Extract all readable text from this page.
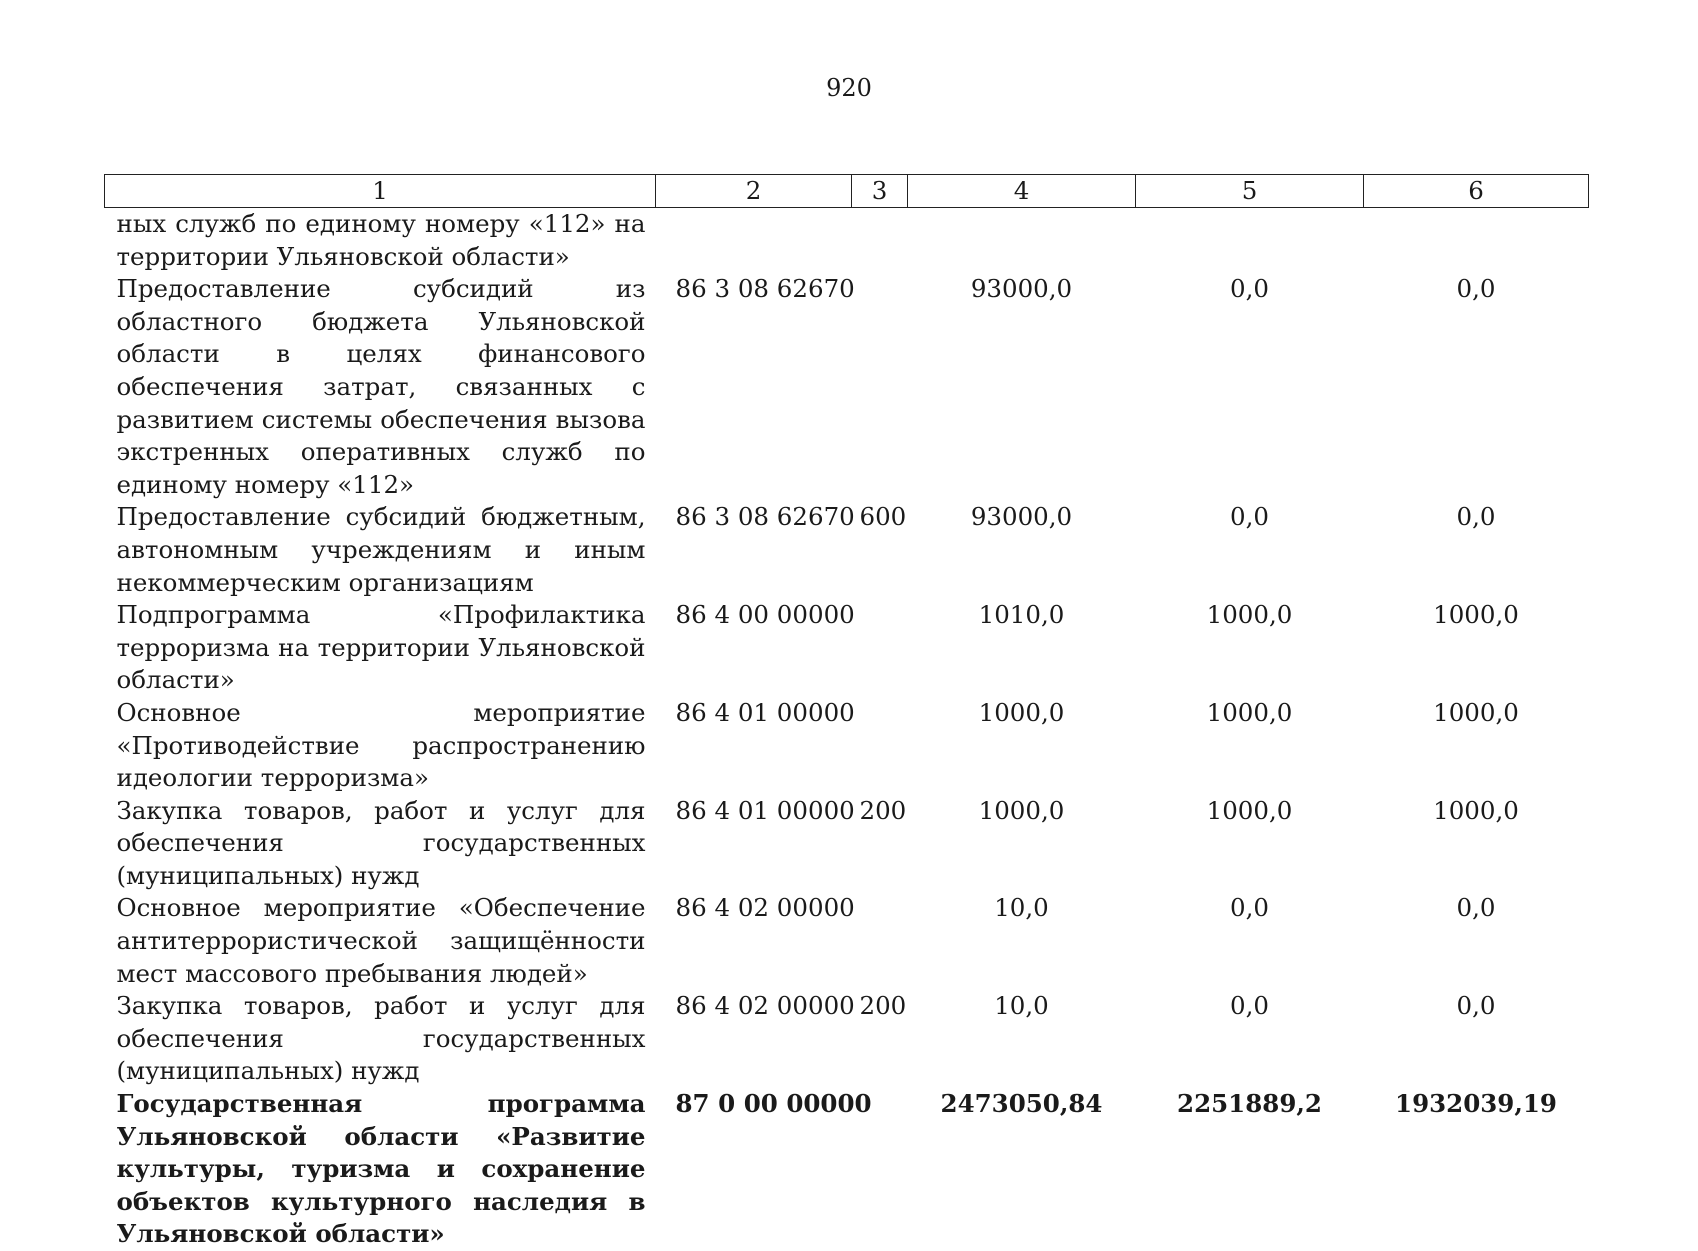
920
1	2	3	4	5	6
ных служб по единому номеру «112» на территории Ульяновской области»					
Предоставление субсидий из областного бюджета Ульяновской области в целях финансового обеспечения затрат, связанных с развитием системы обеспечения вызова экстренных оперативных служб по единому номеру «112»	86 3 08 62670		93000,0	0,0	0,0
Предоставление субсидий бюджетным, автономным учреждениям и иным некоммерческим организациям	86 3 08 62670	600	93000,0	0,0	0,0
Подпрограмма «Профилактика терроризма на территории Ульяновской области»	86 4 00 00000		1010,0	1000,0	1000,0
Основное мероприятие «Противодействие распространению идеологии терроризма»	86 4 01 00000		1000,0	1000,0	1000,0
Закупка товаров, работ и услуг для обеспечения государственных (муниципальных) нужд	86 4 01 00000	200	1000,0	1000,0	1000,0
Основное мероприятие «Обеспечение антитеррористической защищённости мест массового пребывания людей»	86 4 02 00000		10,0	0,0	0,0
Закупка товаров, работ и услуг для обеспечения государственных (муниципальных) нужд	86 4 02 00000	200	10,0	0,0	0,0
Государственная программа Ульяновской области «Развитие культуры, туризма и сохранение объектов культурного наследия в Ульяновской области»	87 0 00 00000		2473050,84	2251889,2	1932039,19
